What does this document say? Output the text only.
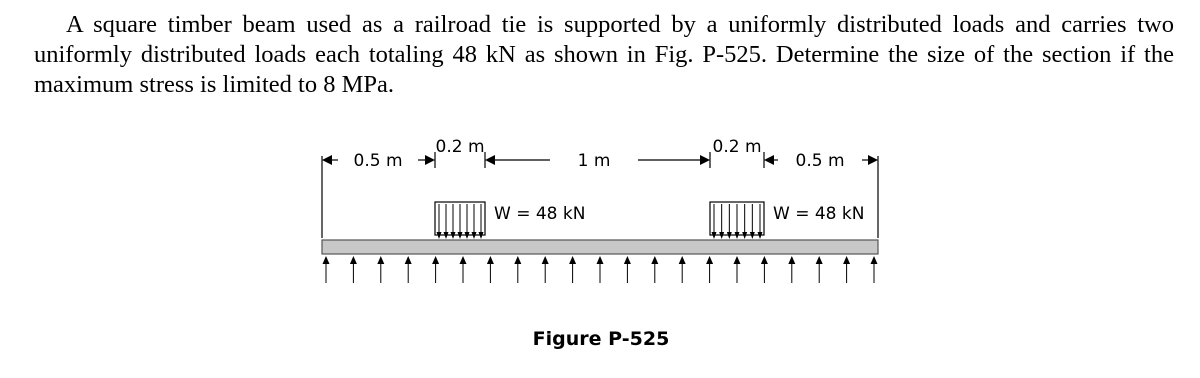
A square timber beam used as a railroad tie is supported by a uniformly distributed loads and carries two uniformly distributed loads each totaling 48 kN as shown in Fig. P-525. Determine the size of the section if the maximum stress is limited to 8 MPa.

0.2 m	0.2 m
0.5 m	1 m	0.5 m
W = 48 kN	W = 48 kN
Figure P-525
